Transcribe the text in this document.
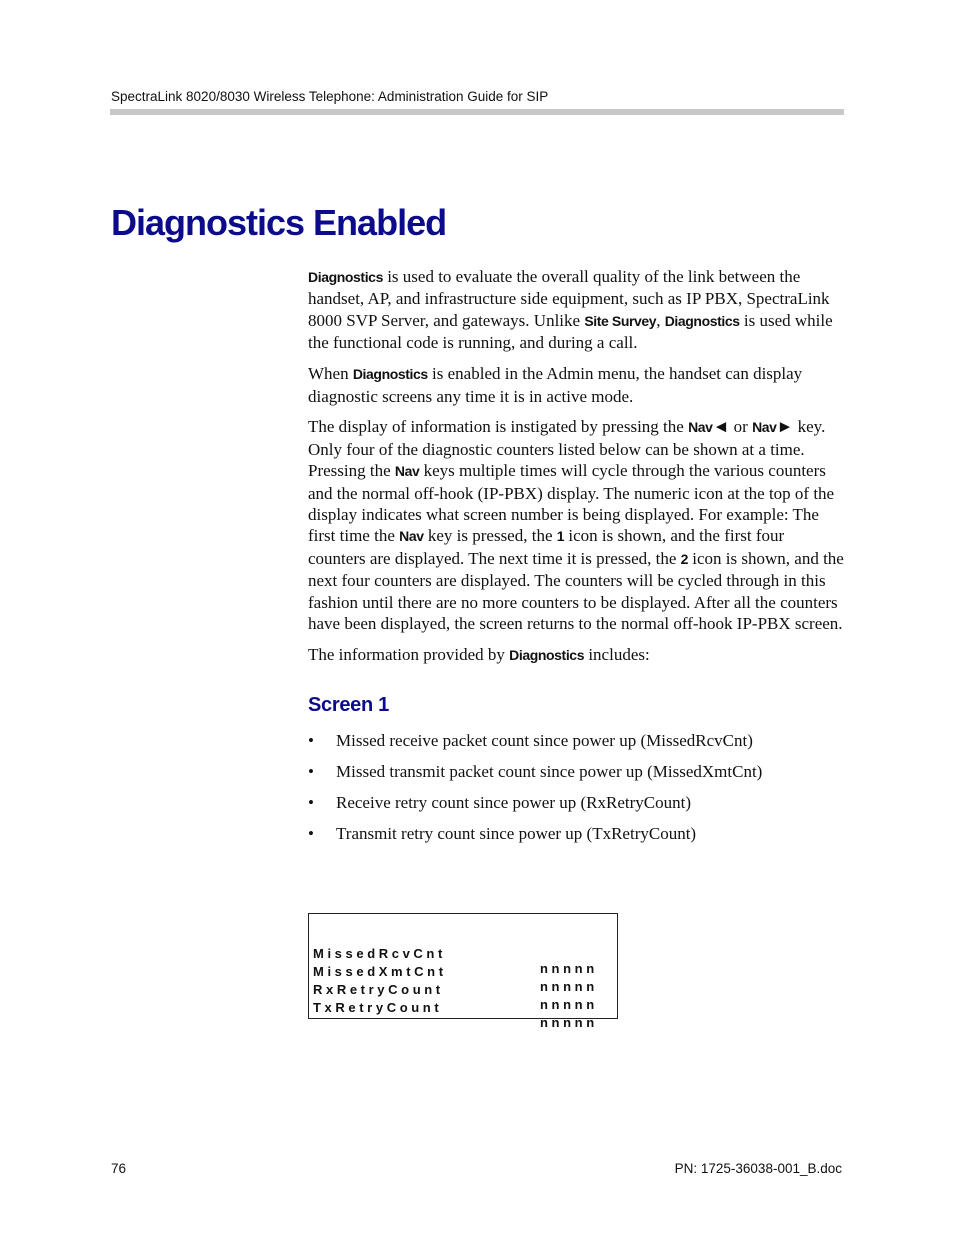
SpectraLink 8020/8030 Wireless Telephone: Administration Guide for SIP
Diagnostics Enabled

Diagnostics is used to evaluate the overall quality of the link between the handset, AP, and infrastructure side equipment, such as IP PBX, SpectraLink 8000 SVP Server, and gateways. Unlike Site Survey, Diagnostics is used while the functional code is running, and during a call.

When Diagnostics is enabled in the Admin menu, the handset can display diagnostic screens any time it is in active mode.

The display of information is instigated by pressing the Nav◄ or Nav► key. Only four of the diagnostic counters listed below can be shown at a time. Pressing the Nav keys multiple times will cycle through the various counters and the normal off-hook (IP-PBX) display. The numeric icon at the top of the display indicates what screen number is being displayed. For example: The first time the Nav key is pressed, the 1 icon is shown, and the first four counters are displayed. The next time it is pressed, the 2 icon is shown, and the next four counters are displayed. The counters will be cycled through in this fashion until there are no more counters to be displayed. After all the counters have been displayed, the screen returns to the normal off-hook IP-PBX screen.

The information provided by Diagnostics includes:

Screen 1
• Missed receive packet count since power up (MissedRcvCnt)
• Missed transmit packet count since power up (MissedXmtCnt)
• Receive retry count since power up (RxRetryCount)
• Transmit retry count since power up (TxRetryCount)

M i s s e d R c v C n t

n n n n n

M i s s e d X m t C n t

n n n n n

R x R e t r y C o u n t

n n n n n

T x R e t r y C o u n t

n n n n n

76	PN: 1725-36038-001_B.doc
